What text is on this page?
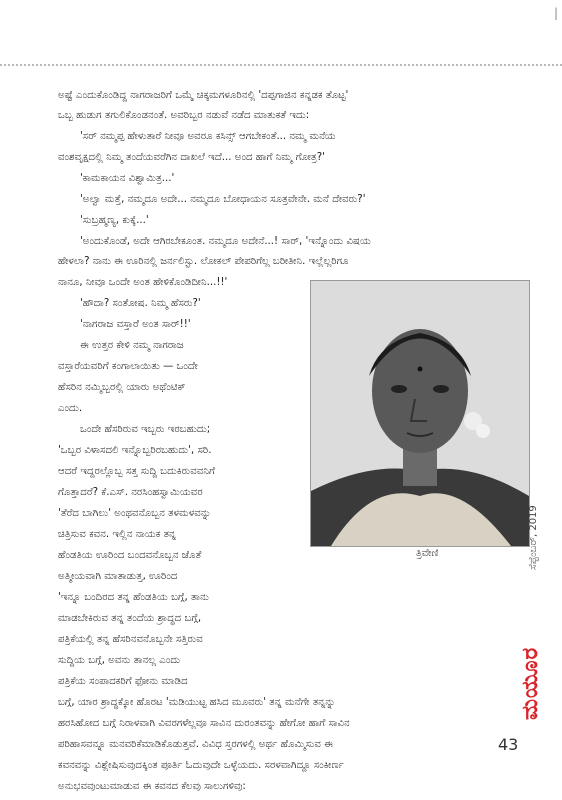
|
ಅಷ್ಟೆ ಎಂದುಕೊಂಡಿದ್ದ ನಾಗರಾಜರಿಗೆ ಒಮ್ಮೆ ಚಿಕ್ಕಮಗಳೂರಿನಲ್ಲಿ 'ದಪ್ಪಗಾಜಿನ ಕನ್ನಡಕ ತೊಟ್ಟ'
ಒಬ್ಬ ಹುಡುಗ ತಗುಲಿಕೊಂಡನಂತೆ. ಅವರಿಬ್ಬರ ನಡುವೆ ನಡೆದ ಮಾತುಕತೆ ಇದು:
'ಸರ್ ನಮ್ಮಪ್ಪ ಹೇಳುತಾರೆ ನೀವೂ ಅವರೂ ಕಸಿನ್ಸ್ ಆಗಬೇಕಂತೆ... ನಮ್ಮ ಮನೆಯ
ವಂಶವೃಕ್ಷದಲ್ಲಿ ನಿಮ್ಮ ತಂದೆಯವರೆಗಿನ ದಾಖಲೆ ಇದೆ... ಅಂದ ಹಾಗೆ ನಿಮ್ಮ ಗೋತ್ರ?'
'ಕಾಮಕಾಯನ ವಿಶ್ವಾಮಿತ್ರ...'
'ಅಲ್ವಾ ಮತ್ತೆ, ನಮ್ಮದೂ ಅದೇ... ನಮ್ಮದೂ ಬೋಧಾಯನ ಸೂತ್ರವೇನೇ. ಮನೆ ದೇವರು?'
'ಸುಬ್ರಹ್ಮಣ್ಯ, ಕುಕ್ಕೆ...'
'ಅಂದುಕೊಂಡೆ, ಅದೇ ಆಗಿರಬೇಕೂಂತ. ನಮ್ಮದೂ ಅದೇನೆ...! ಸಾರ್, 'ಇನ್ನೊಂದು ವಿಷಯ
ಹೇಳಲಾ? ನಾನು ಈ ಊರಿನಲ್ಲಿ ಜರ್ನಲಿಸ್ಟು. ಲೋಕಲ್ ಪೇಪರಿಗೆಲ್ಲ ಬರೀತೀನಿ. ಇಲ್ಲೆಲ್ಲರಿಗೂ
ನಾನೂ, ನೀವೂ ಒಂದೇ ಅಂತ ಹೇಳಿಕೊಂಡಿದೀನಿ...!!'
'ಹೌದಾ? ಸಂತೋಷ. ನಿಮ್ಮ ಹೆಸರು?'
'ನಾಗರಾಜ ವಸ್ತಾರೆ ಅಂತ ಸಾರ್!!'
ಈ ಉತ್ತರ ಕೇಳಿ ನಮ್ಮ ನಾಗರಾಜ
ವಸ್ತಾರೆಯವರಿಗೆ ಕಂಗಾಲಾಯಿತು — ಒಂದೇ
ಹೆಸರಿನ ನಮ್ಮಿಬ್ಬರಲ್ಲಿ ಯಾರು ಅಥೆಂಟಿಕ್
ಎಂದು.
ಒಂದೇ ಹೆಸರಿರುವ ಇಬ್ಬರು ಇರಬಹುದು;
'ಒಬ್ಬರ ವಿಳಾಸದಲಿ ಇನ್ನೊಬ್ಬರಿರಬಹುದು', ಸರಿ.
ಆದರೆ ಇದ್ದರಲ್ಲೊಬ್ಬ ಸತ್ತ ಸುದ್ದಿ ಬದುಕಿರುವವನಿಗೆ
ಗೊತ್ತಾದರೆ? ಕೆ.ಎಸ್. ನರಸಿಂಹಸ್ವಾಮಿಯವರ
'ತೆರೆದ ಬಾಗಿಲು' ಅಂಥವನೊಬ್ಬನ ತಳಮಳವನ್ನು
ಚಿತ್ರಿಸುವ ಕವನ. ಇಲ್ಲಿನ ನಾಯಕ ತನ್ನ
ಹೆಂಡತಿಯ ಊರಿಂದ ಬಂದವನೊಬ್ಬನ ಜೊತೆ
ಅತ್ಮೀಯವಾಗಿ ಮಾತಾಡುತ್ತ, ಊರಿಂದ
'ಇನ್ನೂ ಬಂದಿರದ ತನ್ನ ಹೆಂಡತಿಯ ಬಗ್ಗೆ, ತಾನು
ಮಾಡಬೇಕಿರುವ ತನ್ನ ತಂದೆಯ ಶ್ರಾದ್ಧದ ಬಗ್ಗೆ,
ಪತ್ರಿಕೆಯಲ್ಲಿ ತನ್ನ ಹೆಸರಿನವನೊಬ್ಬನೇ ಸತ್ತಿರುವ
ಸುದ್ದಿಯ ಬಗ್ಗೆ, ಅವನು ತಾನಲ್ಲ ಎಂದು
ಪತ್ರಿಕೆಯ ಸಂಪಾದಕರಿಗೆ ಫೋನು ಮಾಡಿದ
ಬಗ್ಗೆ, ಯಾರ ಶ್ರಾದ್ಧಕ್ಕೋ ಹೊರಟ 'ಮಡಿಯುಟ್ಟ ಹಸಿದ ಮೂವರು' ತನ್ನ ಮನೆಗೇ ತನ್ನನ್ನು
ಹರಸಿಹೋದ ಬಗ್ಗೆ ನಿರಾಳವಾಗಿ ವಿವರಗಳೆಲ್ಲವೂ ಸಾವಿನ ದುರಂತವನ್ನು ಹೇಗೋ ಹಾಗೆ ಸಾವಿನ
ಪರಿಹಾಸವನ್ನೂ ಮನವರಿಕೆಮಾಡಿಕೊಡುತ್ತವೆ. ವಿವಿಧ ಸ್ತರಗಳಲ್ಲಿ ಅರ್ಥ ಹೊಮ್ಮಿಸುವ ಈ
ಕವನವನ್ನು ವಿಶ್ಲೇಷಿಸುವುದಕ್ಕಿಂತ ಪೂರ್ತಿ ಓದುವುದೇ ಒಳ್ಳೆಯದು. ಸರಳವಾಗಿದ್ದೂ ಸಂಕೀರ್ಣ
ಅನುಭವವುಂಟುಮಾಡುವ ಈ ಕವನದ ಕೆಲವು ಸಾಲುಗಳಿವು:
ತ್ರಿವೇಣಿ	ಸೆಪ್ಟೆಂಬರ್, 2019
ಮಯೂರ
43
